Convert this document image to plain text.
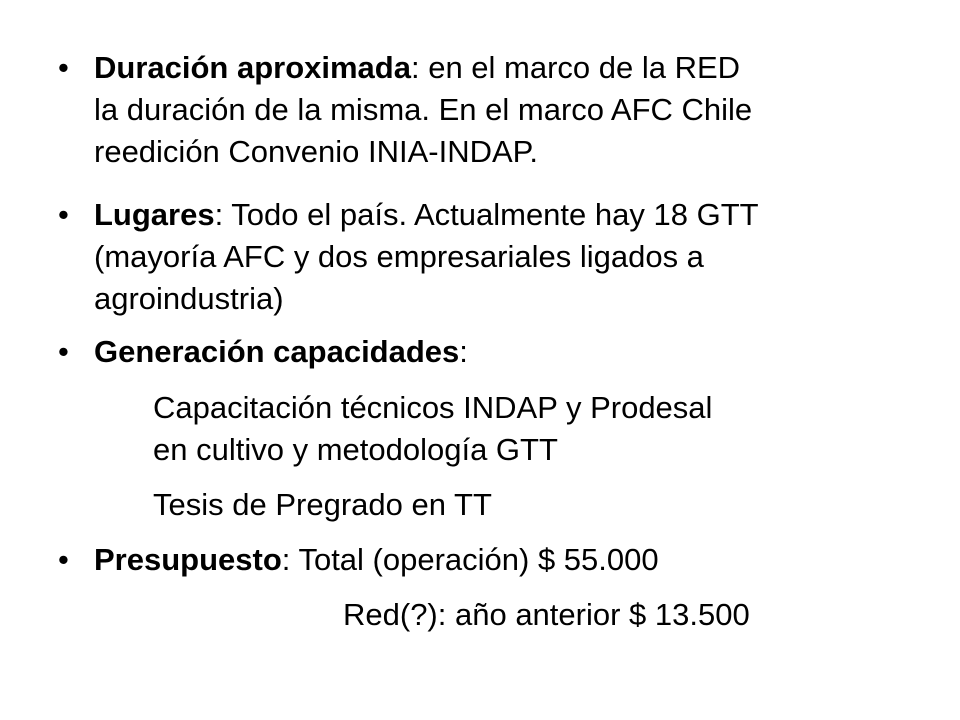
• Duración aproximada: en el marco de la RED
la duración de la misma. En el marco AFC Chile
reedición Convenio INIA-INDAP.
• Lugares: Todo el país. Actualmente hay 18 GTT
(mayoría AFC y dos empresariales ligados a
agroindustria)
• Generación capacidades:
Capacitación técnicos INDAP y Prodesal
en cultivo y metodología GTT
Tesis de Pregrado en TT
• Presupuesto: Total (operación) $ 55.000
Red(?): año anterior $ 13.500
